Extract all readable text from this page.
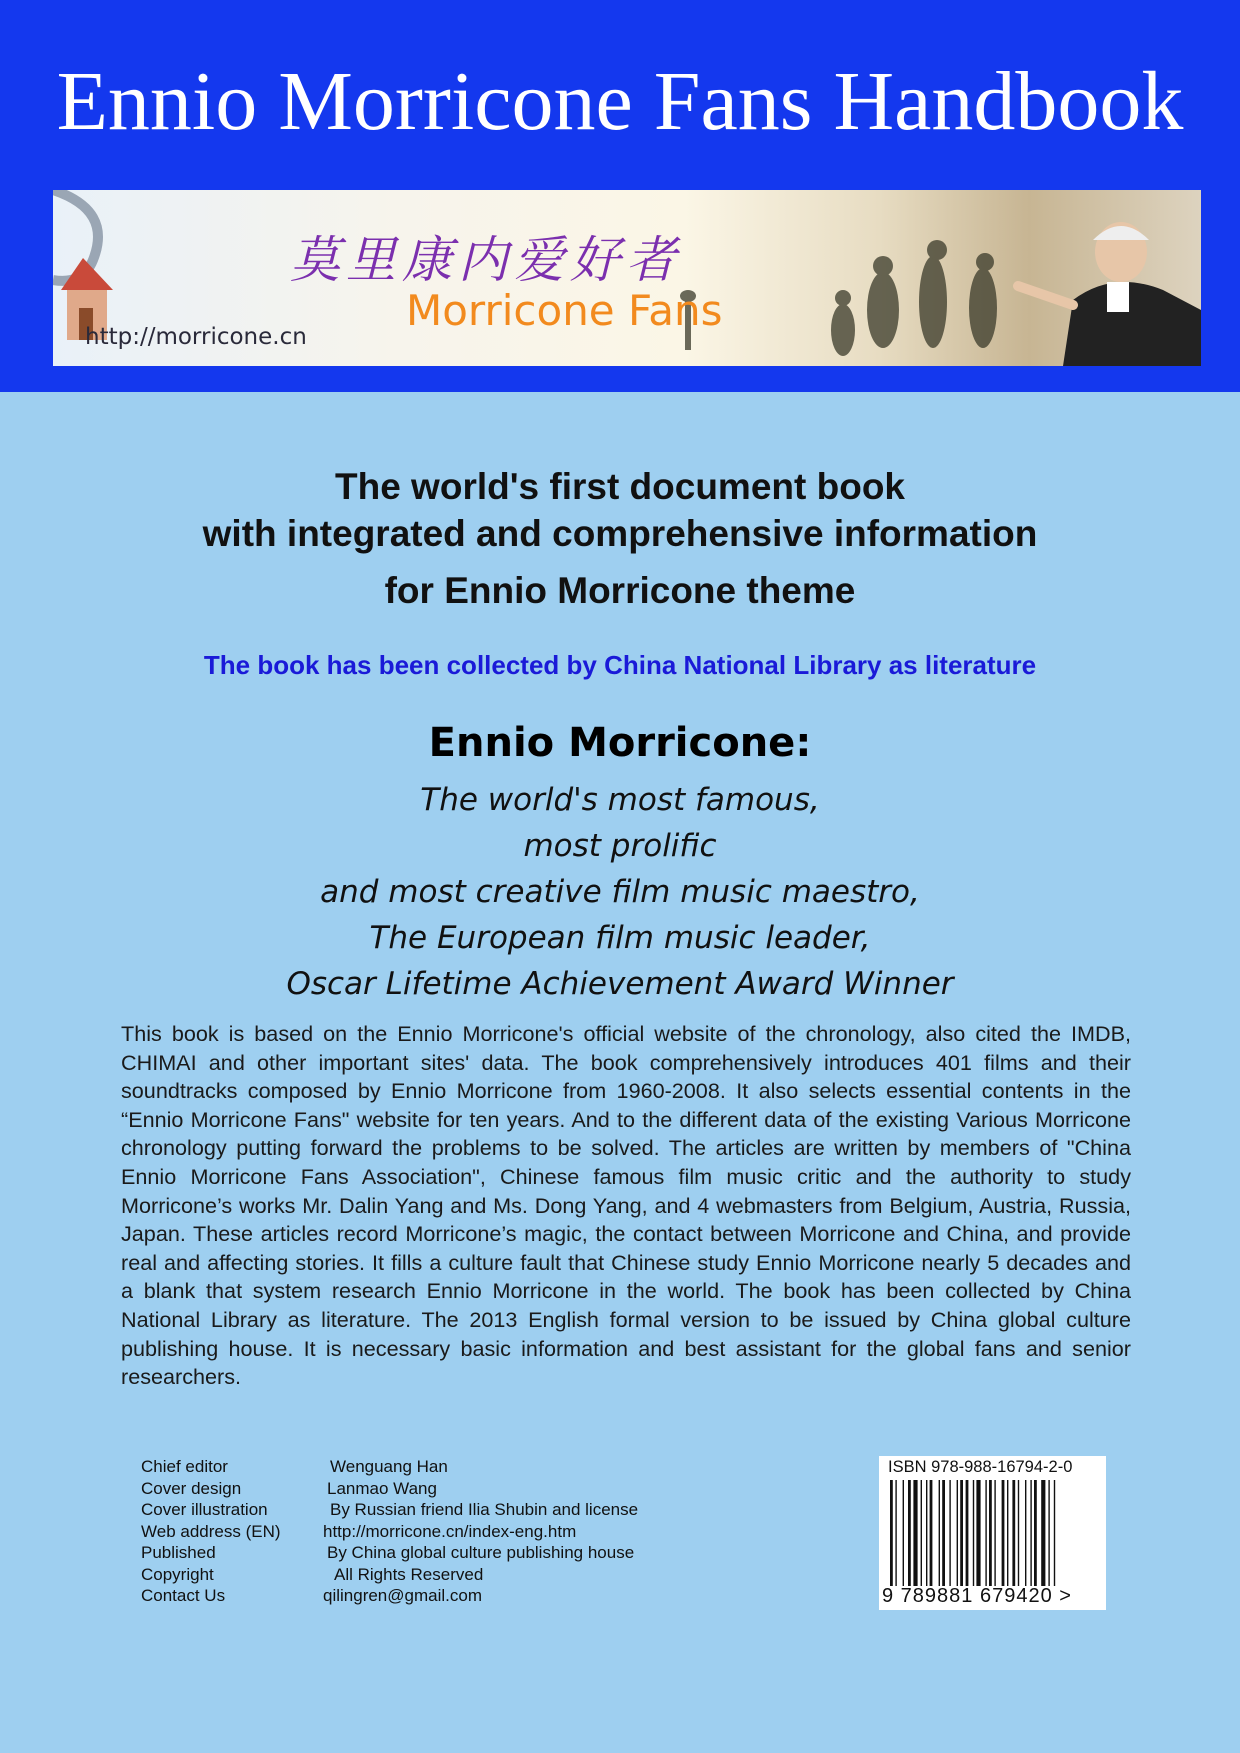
Ennio Morricone Fans Handbook
莫里康内爱好者
Morricone Fans
http://morricone.cn
The world's first document book
with integrated and comprehensive information
for Ennio Morricone theme
The book has been collected by China National Library as literature
Ennio Morricone:
The world's most famous,
most prolific
and most creative film music maestro,
The European film music leader,
Oscar Lifetime Achievement Award Winner

This book is based on the Ennio Morricone's official website of the chronology, also cited the IMDB, CHIMAI and other important sites' data. The book comprehensively introduces 401 films and their soundtracks composed by Ennio Morricone from 1960-2008. It also selects essential contents in the “Ennio Morricone Fans" website for ten years. And to the different data of the existing Various Morricone chronology putting forward the problems to be solved. The articles are written by members of "China Ennio Morricone Fans Association", Chinese famous film music critic and the authority to study Morricone’s works Mr. Dalin Yang and Ms. Dong Yang, and 4 webmasters from Belgium, Austria, Russia, Japan. These articles record Morricone’s magic, the contact between Morricone and China, and provide real and affecting stories. It fills a culture fault that Chinese study Ennio Morricone nearly 5 decades and a blank that system research Ennio Morricone in the world. The book has been collected by China National Library as literature. The 2013 English formal version to be issued by China global culture publishing house. It is necessary basic information and best assistant for the global fans and senior researchers.

Chief editor	Wenguang Han
Cover design	Lanmao Wang
Cover illustration	By Russian friend Ilia Shubin and license
Web address (EN) http://morricone.cn/index-eng.htm
Published	By China global culture publishing house
Copyright	All Rights Reserved
Contact Us	qilingren@gmail.com
ISBN 978-988-16794-2-0
9 789881 679420 >
